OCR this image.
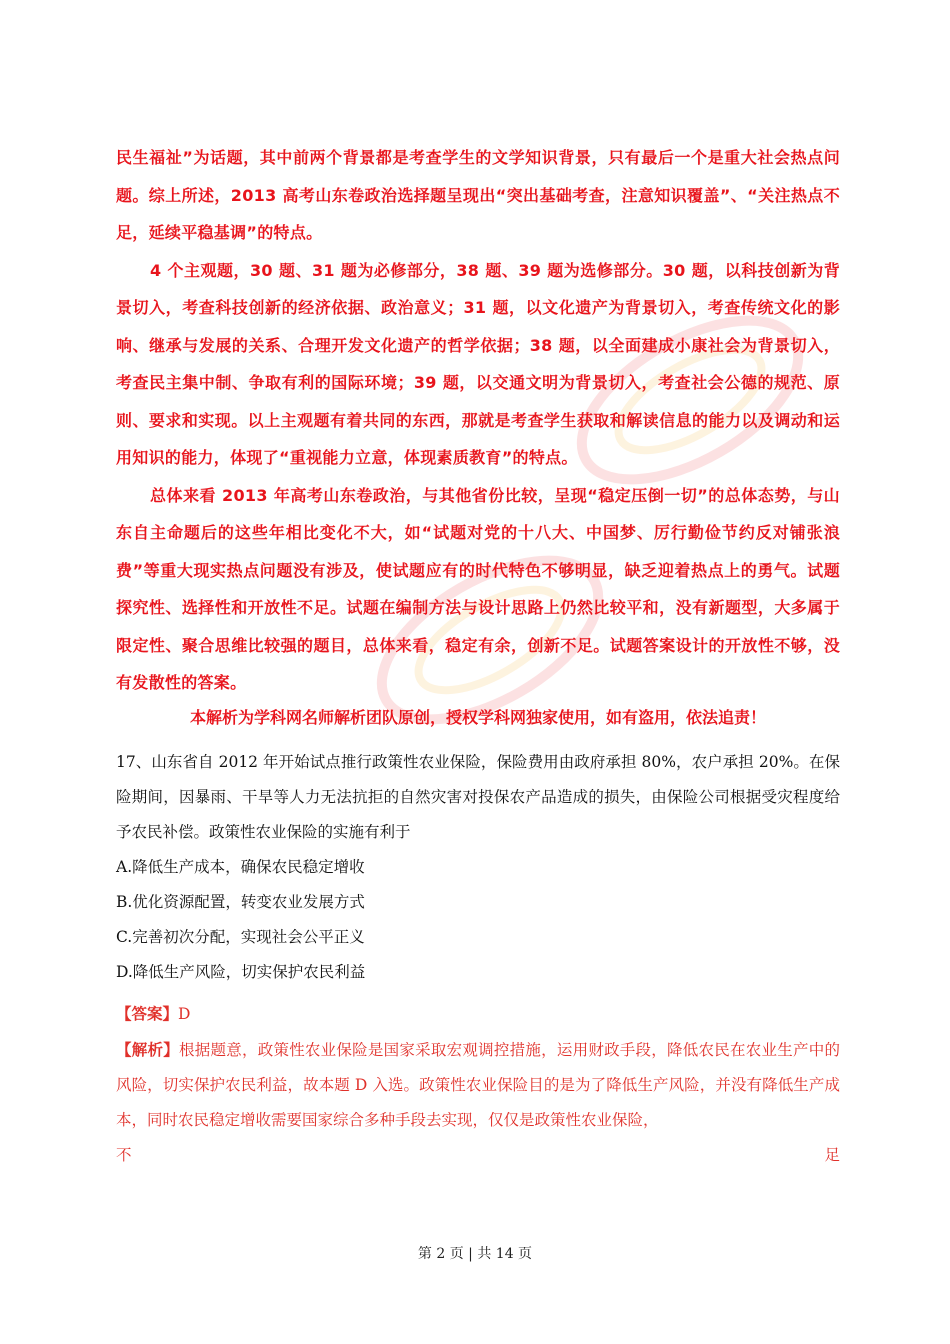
民生福祉”为话题，其中前两个背景都是考查学生的文学知识背景，只有最后一个是重大社会热点问题。综上所述，2013 高考山东卷政治选择题呈现出“突出基础考查，注意知识覆盖”、“关注热点不足，延续平稳基调”的特点。

4 个主观题，30 题、31 题为必修部分，38 题、39 题为选修部分。30 题，以科技创新为背景切入，考查科技创新的经济依据、政治意义；31 题，以文化遗产为背景切入，考查传统文化的影响、继承与发展的关系、合理开发文化遗产的哲学依据；38 题，以全面建成小康社会为背景切入，考查民主集中制、争取有利的国际环境；39 题，以交通文明为背景切入，考查社会公德的规范、原则、要求和实现。以上主观题有着共同的东西，那就是考查学生获取和解读信息的能力以及调动和运用知识的能力，体现了“重视能力立意，体现素质教育”的特点。

总体来看 2013 年高考山东卷政治，与其他省份比较，呈现“稳定压倒一切”的总体态势，与山东自主命题后的这些年相比变化不大，如“试题对党的十八大、中国梦、厉行勤俭节约反对铺张浪费”等重大现实热点问题没有涉及，使试题应有的时代特色不够明显，缺乏迎着热点上的勇气。试题探究性、选择性和开放性不足。试题在编制方法与设计思路上仍然比较平和，没有新题型，大多属于限定性、聚合思维比较强的题目，总体来看，稳定有余，创新不足。试题答案设计的开放性不够，没有发散性的答案。

本解析为学科网名师解析团队原创，授权学科网独家使用，如有盗用，依法追责！

17、山东省自 2012 年开始试点推行政策性农业保险，保险费用由政府承担 80%，农户承担 20%。在保险期间，因暴雨、干旱等人力无法抗拒的自然灾害对投保农产品造成的损失，由保险公司根据受灾程度给予农民补偿。政策性农业保险的实施有利于

A.降低生产成本，确保农民稳定增收

B.优化资源配置，转变农业发展方式

C.完善初次分配，实现社会公平正义

D.降低生产风险，切实保护农民利益

【答案】D

【解析】根据题意，政策性农业保险是国家采取宏观调控措施，运用财政手段，降低农民在农业生产中的风险，切实保护农民利益，故本题 D 入选。政策性农业保险目的是为了降低生产风险，并没有降低生产成本，同时农民稳定增收需要国家综合多种手段去实现，仅仅是政策性农业保险，

不	足
第 2 页 | 共 14 页
